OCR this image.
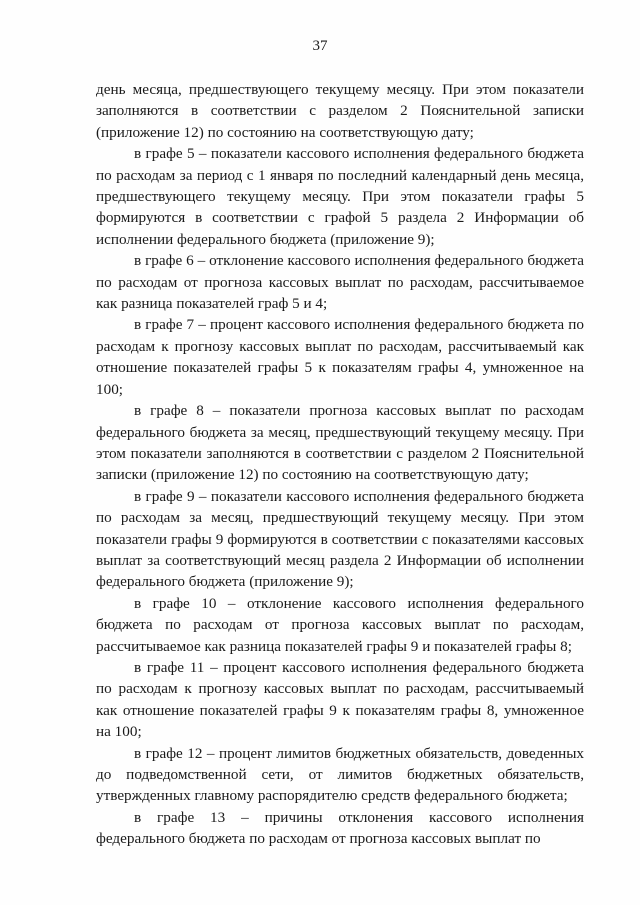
37

день месяца, предшествующего текущему месяцу. При этом показатели заполняются в соответствии с разделом 2 Пояснительной записки (приложение 12) по состоянию на соответствующую дату;

в графе 5 – показатели кассового исполнения федерального бюджета по расходам за период с 1 января по последний календарный день месяца, предшествующего текущему месяцу. При этом показатели графы 5 формируются в соответствии с графой 5 раздела 2 Информации об исполнении федерального бюджета (приложение 9);

в графе 6 – отклонение кассового исполнения федерального бюджета по расходам от прогноза кассовых выплат по расходам, рассчитываемое как разница показателей граф 5 и 4;

в графе 7 – процент кассового исполнения федерального бюджета по расходам к прогнозу кассовых выплат по расходам, рассчитываемый как отношение показателей графы 5 к показателям графы 4, умноженное на 100;

в графе 8 – показатели прогноза кассовых выплат по расходам федерального бюджета за месяц, предшествующий текущему месяцу. При этом показатели заполняются в соответствии с разделом 2 Пояснительной записки (приложение 12) по состоянию на соответствующую дату;

в графе 9 – показатели кассового исполнения федерального бюджета по расходам за месяц, предшествующий текущему месяцу. При этом показатели графы 9 формируются в соответствии с показателями кассовых выплат за соответствующий месяц раздела 2 Информации об исполнении федерального бюджета (приложение 9);

в графе 10 – отклонение кассового исполнения федерального бюджета по расходам от прогноза кассовых выплат по расходам, рассчитываемое как разница показателей графы 9 и показателей графы 8;

в графе 11 – процент кассового исполнения федерального бюджета по расходам к прогнозу кассовых выплат по расходам, рассчитываемый как отношение показателей графы 9 к показателям графы 8, умноженное на 100;

в графе 12 – процент лимитов бюджетных обязательств, доведенных до подведомственной сети, от лимитов бюджетных обязательств, утвержденных главному распорядителю средств федерального бюджета;

в графе 13 – причины отклонения кассового исполнения федерального бюджета по расходам от прогноза кассовых выплат по
